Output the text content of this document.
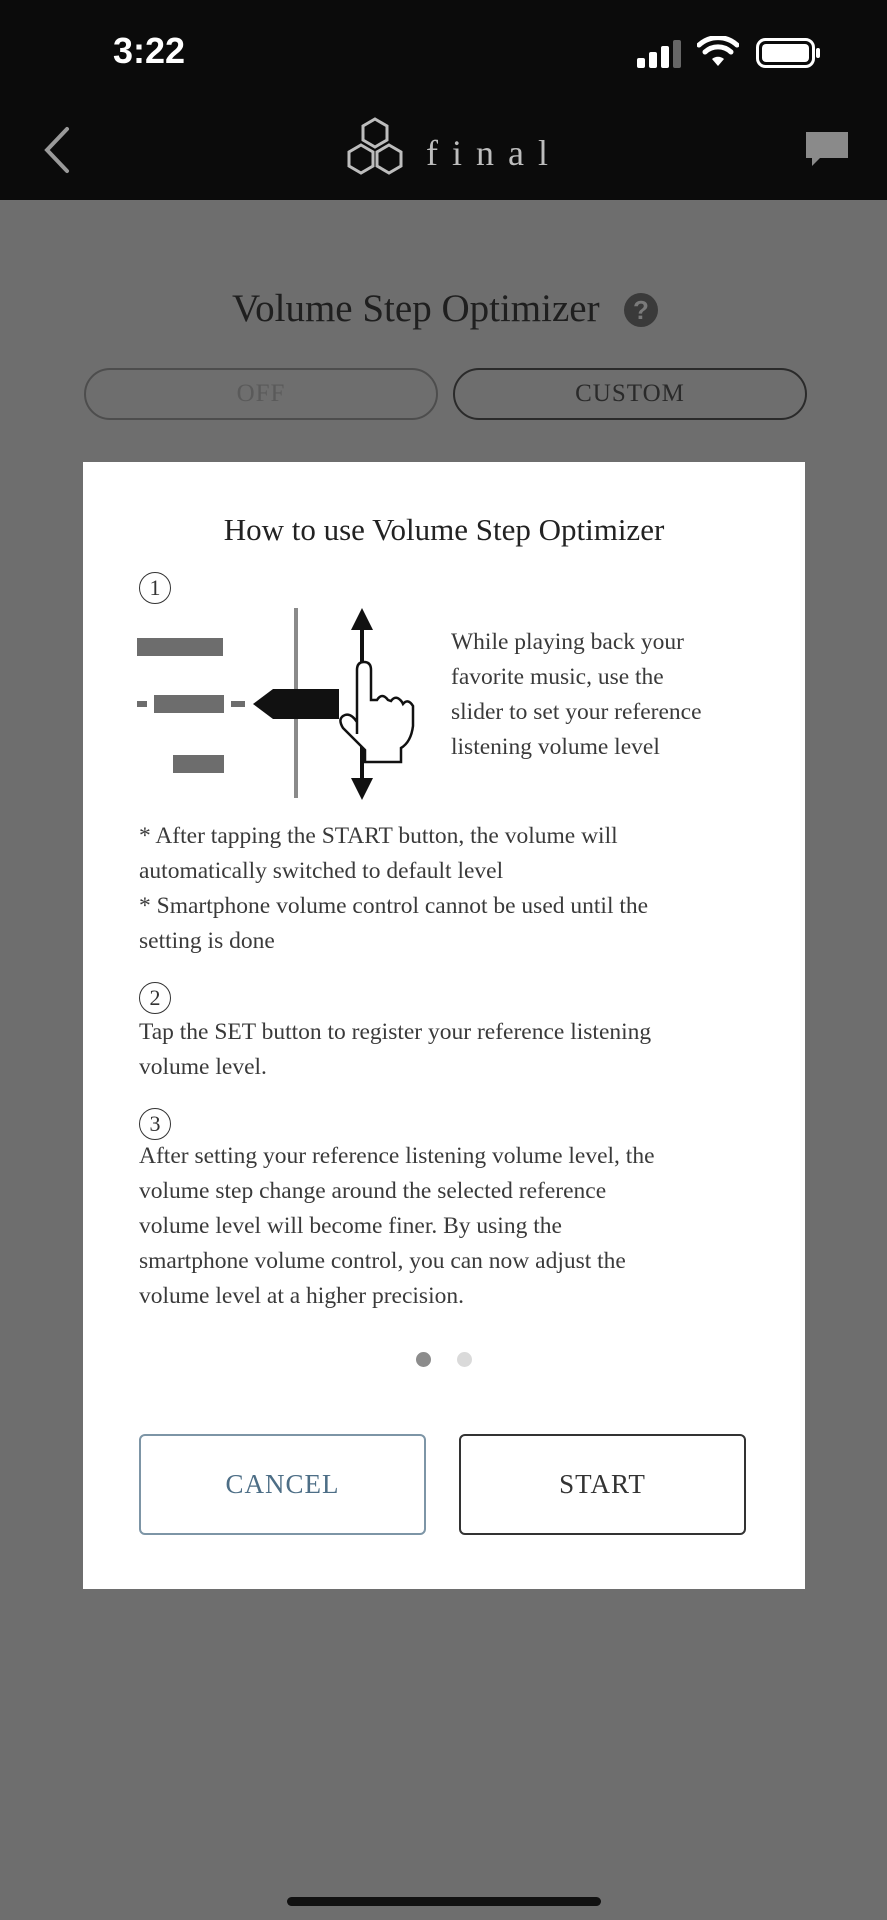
3:22
final
Volume Step Optimizer	?
OFF	CUSTOM
How to use Volume Step Optimizer
1
While playing back your
favorite music, use the
slider to set your reference
listening volume level
* After tapping the START button, the volume will
automatically switched to default level
* Smartphone volume control cannot be used until the
setting is done
2
Tap the SET button to register your reference listening
volume level.
3
After setting your reference listening volume level, the
volume step change around the selected reference
volume level will become finer. By using the
smartphone volume control, you can now adjust the
volume level at a higher precision.
CANCEL	START
